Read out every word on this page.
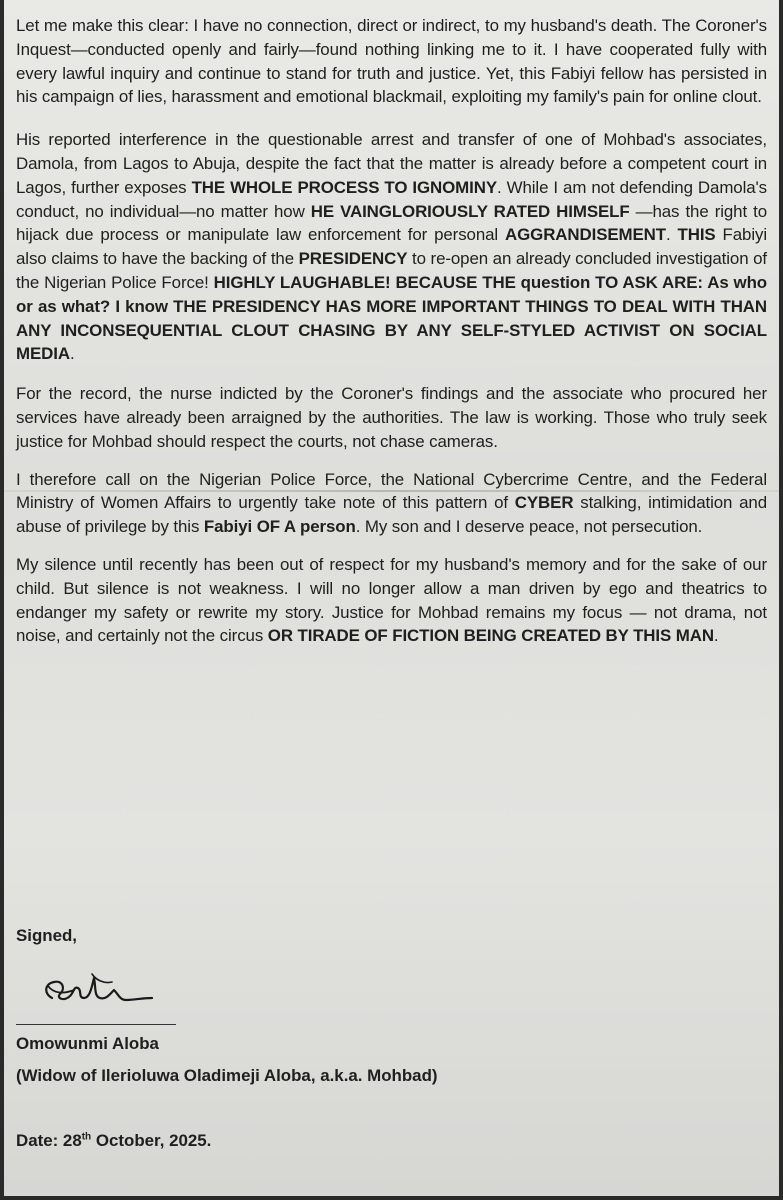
Let me make this clear: I have no connection, direct or indirect, to my husband's death. The Coroner's Inquest—conducted openly and fairly—found nothing linking me to it. I have cooperated fully with every lawful inquiry and continue to stand for truth and justice. Yet, this Fabiyi fellow has persisted in his campaign of lies, harassment and emotional blackmail, exploiting my family's pain for online clout.

His reported interference in the questionable arrest and transfer of one of Mohbad's associates, Damola, from Lagos to Abuja, despite the fact that the matter is already before a competent court in Lagos, further exposes THE WHOLE PROCESS TO IGNOMINY. While I am not defending Damola's conduct, no individual—no matter how HE VAINGLORIOUSLY RATED HIMSELF —has the right to hijack due process or manipulate law enforcement for personal AGGRANDISEMENT. THIS Fabiyi also claims to have the backing of the PRESIDENCY to re-open an already concluded investigation of the Nigerian Police Force! HIGHLY LAUGHABLE! BECAUSE THE question TO ASK ARE: As who or as what? I know THE PRESIDENCY HAS MORE IMPORTANT THINGS TO DEAL WITH THAN ANY INCONSEQUENTIAL CLOUT CHASING BY ANY SELF-STYLED ACTIVIST ON SOCIAL MEDIA.

For the record, the nurse indicted by the Coroner's findings and the associate who procured her services have already been arraigned by the authorities. The law is working. Those who truly seek justice for Mohbad should respect the courts, not chase cameras.

I therefore call on the Nigerian Police Force, the National Cybercrime Centre, and the Federal Ministry of Women Affairs to urgently take note of this pattern of CYBER stalking, intimidation and abuse of privilege by this Fabiyi OF A person. My son and I deserve peace, not persecution.

My silence until recently has been out of respect for my husband's memory and for the sake of our child. But silence is not weakness. I will no longer allow a man driven by ego and theatrics to endanger my safety or rewrite my story. Justice for Mohbad remains my focus — not drama, not noise, and certainly not the circus OR TIRADE OF FICTION BEING CREATED BY THIS MAN.

Signed,
Omowunmi Aloba
(Widow of Ilerioluwa Oladimeji Aloba, a.k.a. Mohbad)
Date: 28th October, 2025.
